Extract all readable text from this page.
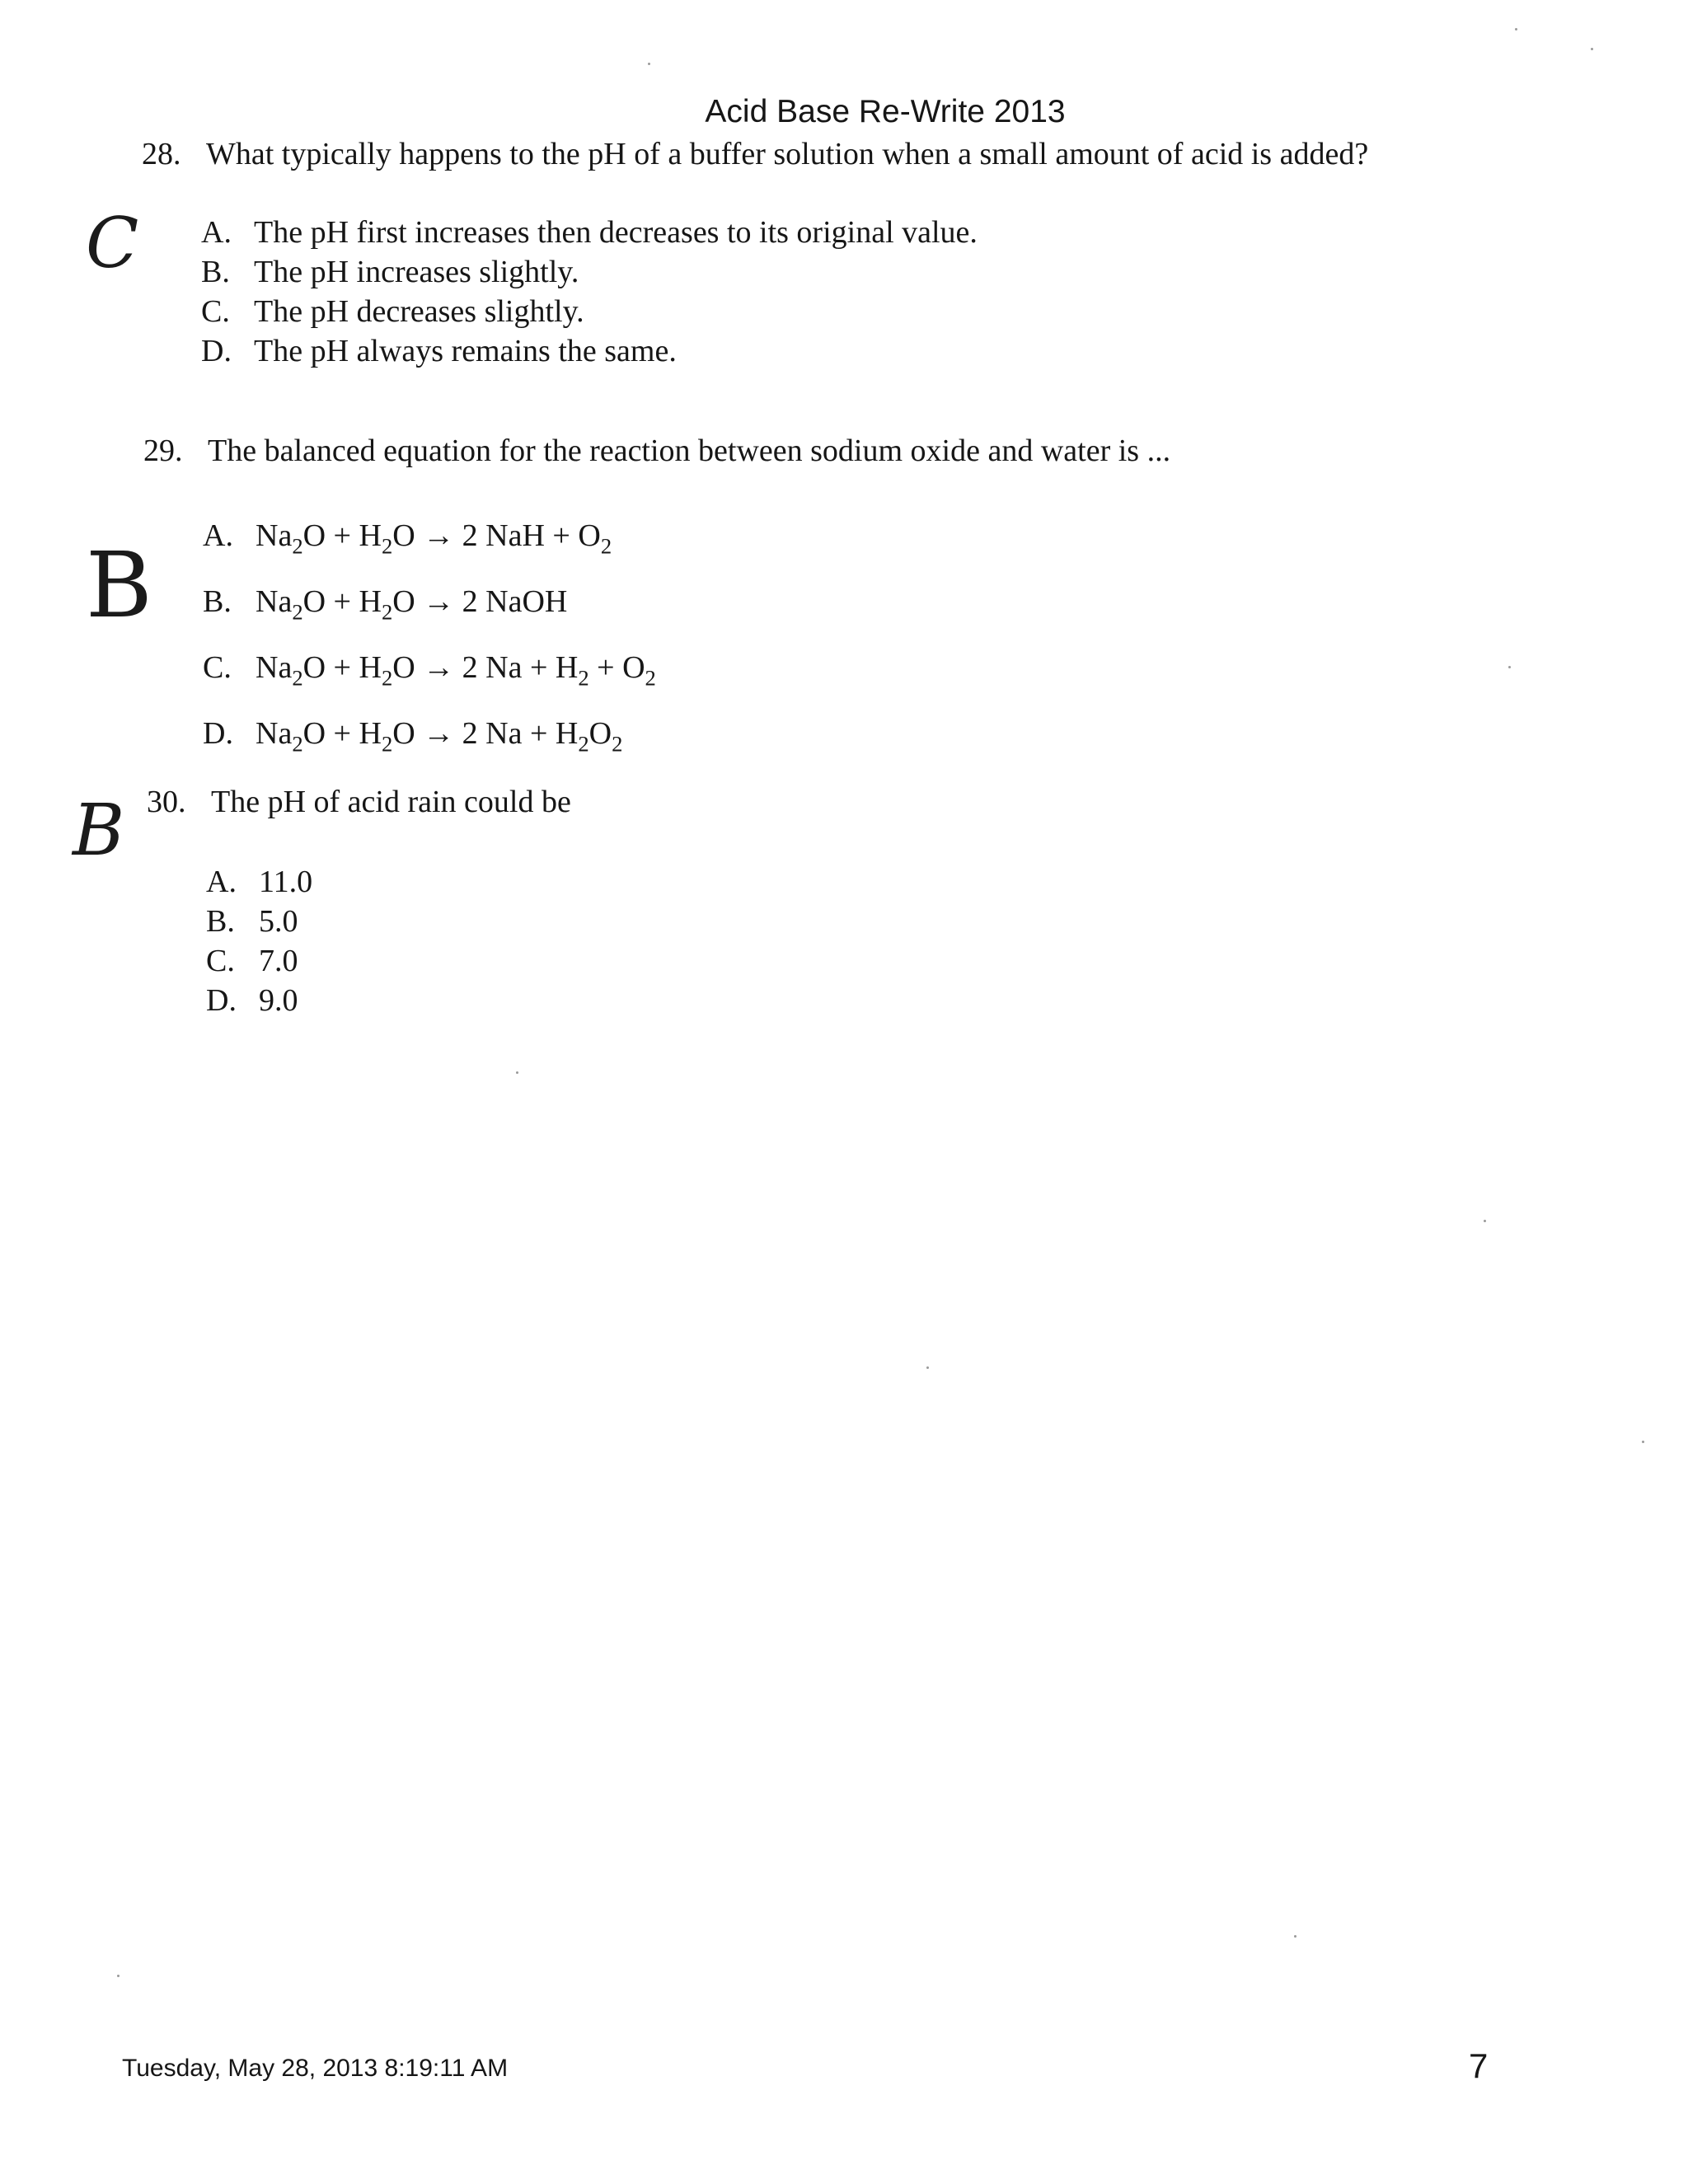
Acid Base Re-Write 2013
C
28. What typically happens to the pH of a buffer solution when a small amount of acid is added?
A. The pH first increases then decreases to its original value.
B. The pH increases slightly.
C. The pH decreases slightly.
D. The pH always remains the same.
B
29. The balanced equation for the reaction between sodium oxide and water is ...
A. $Na_2O + H_2O \to 2$ NaH + $O_2$
B. $Na_2O + H_2O \to 2$ NaOH
C. $Na_2O + H_2O \to 2$ $Na + H_2 + O_2$
D. $Na_2O + H_2O \to 2$ $Na + H_2O_2$
B 30. The pH of acid rain could be
A. 11.0
B. 5.0
C. 7.0
D. 9.0
Tuesday, May 28, 2013 8:19:11 AM	7
